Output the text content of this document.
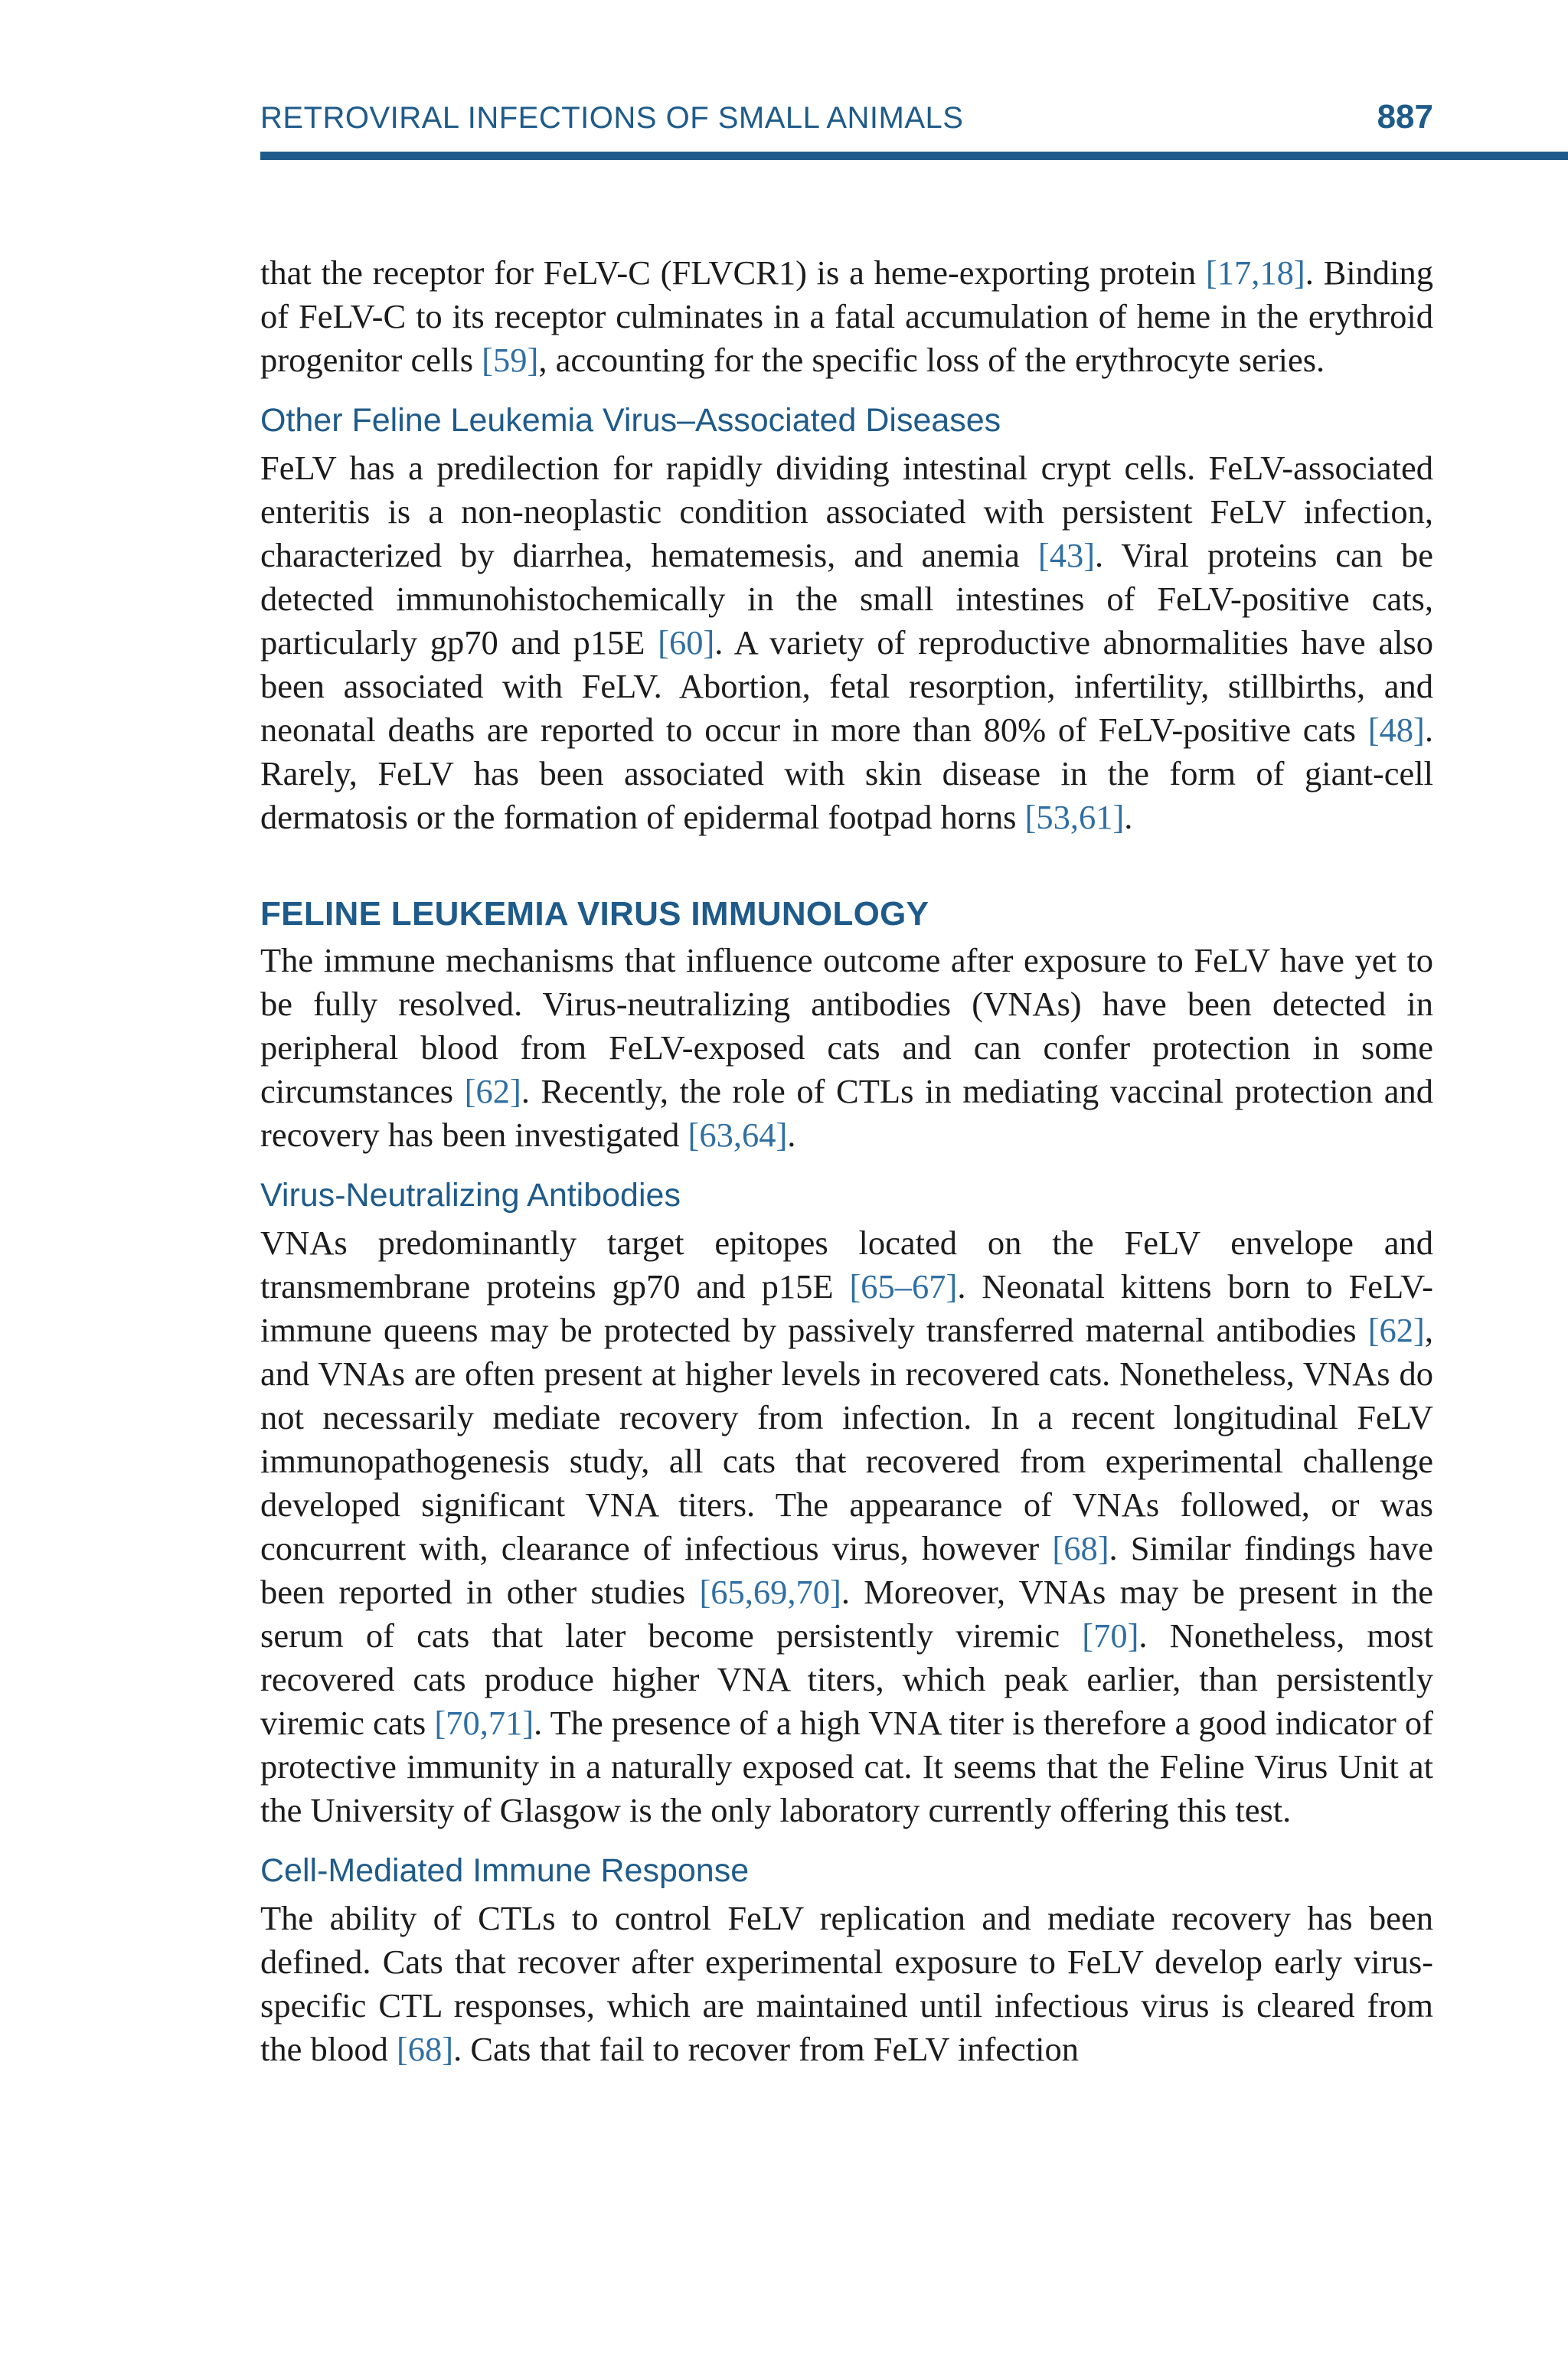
RETROVIRAL INFECTIONS OF SMALL ANIMALS	887

that the receptor for FeLV-C (FLVCR1) is a heme-exporting protein [17,18]. Binding of FeLV-C to its receptor culminates in a fatal accumulation of heme in the erythroid progenitor cells [59], accounting for the specific loss of the erythrocyte series.

Other Feline Leukemia Virus–Associated Diseases

FeLV has a predilection for rapidly dividing intestinal crypt cells. FeLV-associated enteritis is a non-neoplastic condition associated with persistent FeLV infection, characterized by diarrhea, hematemesis, and anemia [43]. Viral proteins can be detected immunohistochemically in the small intestines of FeLV-positive cats, particularly gp70 and p15E [60]. A variety of reproductive abnormalities have also been associated with FeLV. Abortion, fetal resorption, infertility, stillbirths, and neonatal deaths are reported to occur in more than 80% of FeLV-positive cats [48]. Rarely, FeLV has been associated with skin disease in the form of giant-cell dermatosis or the formation of epidermal footpad horns [53,61].

FELINE LEUKEMIA VIRUS IMMUNOLOGY

The immune mechanisms that influence outcome after exposure to FeLV have yet to be fully resolved. Virus-neutralizing antibodies (VNAs) have been detected in peripheral blood from FeLV-exposed cats and can confer protection in some circumstances [62]. Recently, the role of CTLs in mediating vaccinal protection and recovery has been investigated [63,64].

Virus-Neutralizing Antibodies

VNAs predominantly target epitopes located on the FeLV envelope and transmembrane proteins gp70 and p15E [65–67]. Neonatal kittens born to FeLV-immune queens may be protected by passively transferred maternal antibodies [62], and VNAs are often present at higher levels in recovered cats. Nonetheless, VNAs do not necessarily mediate recovery from infection. In a recent longitudinal FeLV immunopathogenesis study, all cats that recovered from experimental challenge developed significant VNA titers. The appearance of VNAs followed, or was concurrent with, clearance of infectious virus, however [68]. Similar findings have been reported in other studies [65,69,70]. Moreover, VNAs may be present in the serum of cats that later become persistently viremic [70]. Nonetheless, most recovered cats produce higher VNA titers, which peak earlier, than persistently viremic cats [70,71]. The presence of a high VNA titer is therefore a good indicator of protective immunity in a naturally exposed cat. It seems that the Feline Virus Unit at the University of Glasgow is the only laboratory currently offering this test.

Cell-Mediated Immune Response

The ability of CTLs to control FeLV replication and mediate recovery has been defined. Cats that recover after experimental exposure to FeLV develop early virus-specific CTL responses, which are maintained until infectious virus is cleared from the blood [68]. Cats that fail to recover from FeLV infection
